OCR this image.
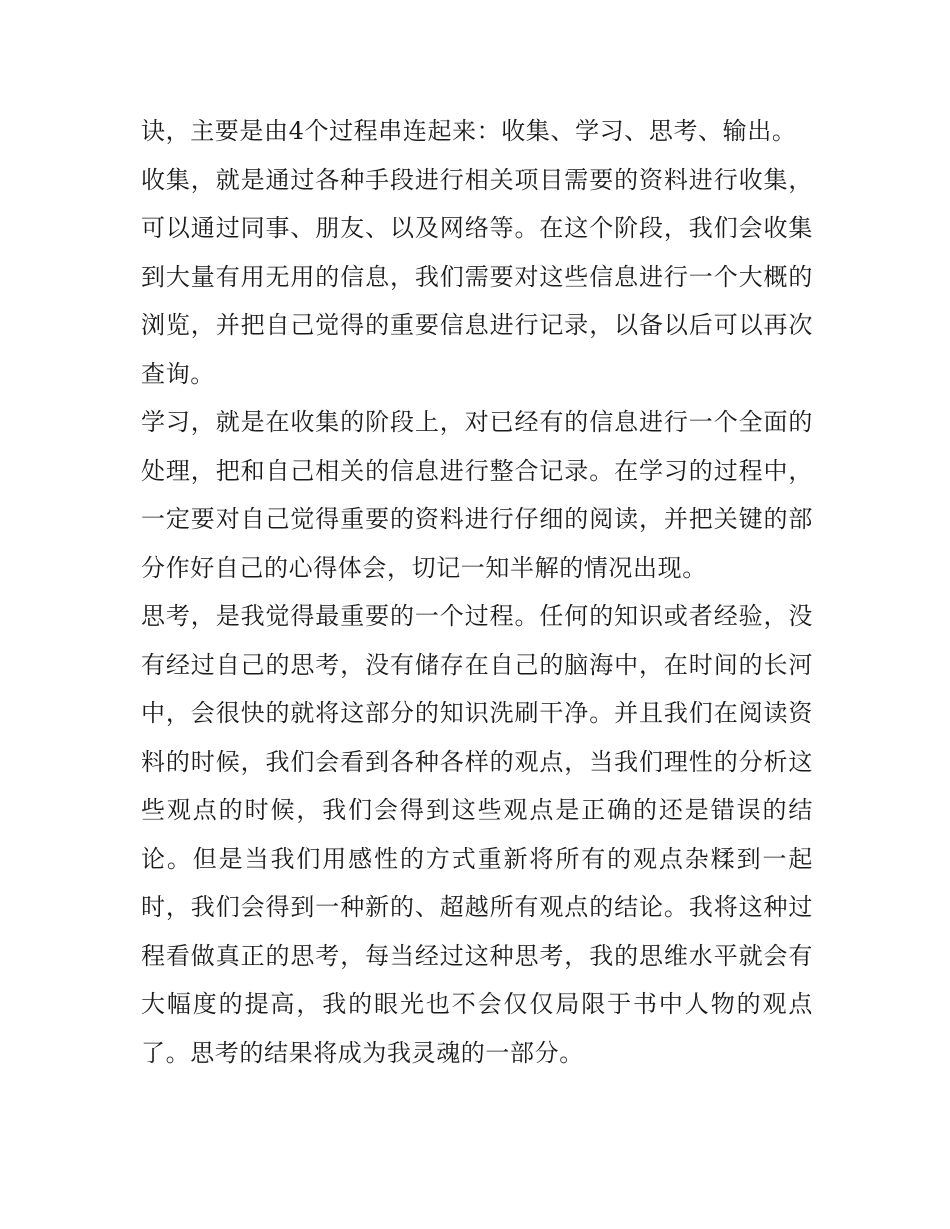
诀，主要是由4个过程串连起来：收集、学习、思考、输出。

收集，就是通过各种手段进行相关项目需要的资料进行收集，可以通过同事、朋友、以及网络等。在这个阶段，我们会收集到大量有用无用的信息，我们需要对这些信息进行一个大概的浏览，并把自己觉得的重要信息进行记录，以备以后可以再次查询。

学习，就是在收集的阶段上，对已经有的信息进行一个全面的处理，把和自己相关的信息进行整合记录。在学习的过程中，一定要对自己觉得重要的资料进行仔细的阅读，并把关键的部分作好自己的心得体会，切记一知半解的情况出现。

思考，是我觉得最重要的一个过程。任何的知识或者经验，没有经过自己的思考，没有储存在自己的脑海中，在时间的长河中，会很快的就将这部分的知识洗刷干净。并且我们在阅读资料的时候，我们会看到各种各样的观点，当我们理性的分析这些观点的时候，我们会得到这些观点是正确的还是错误的结论。但是当我们用感性的方式重新将所有的观点杂糅到一起时，我们会得到一种新的、超越所有观点的结论。我将这种过程看做真正的思考，每当经过这种思考，我的思维水平就会有大幅度的提高，我的眼光也不会仅仅局限于书中人物的观点了。思考的结果将成为我灵魂的一部分。
